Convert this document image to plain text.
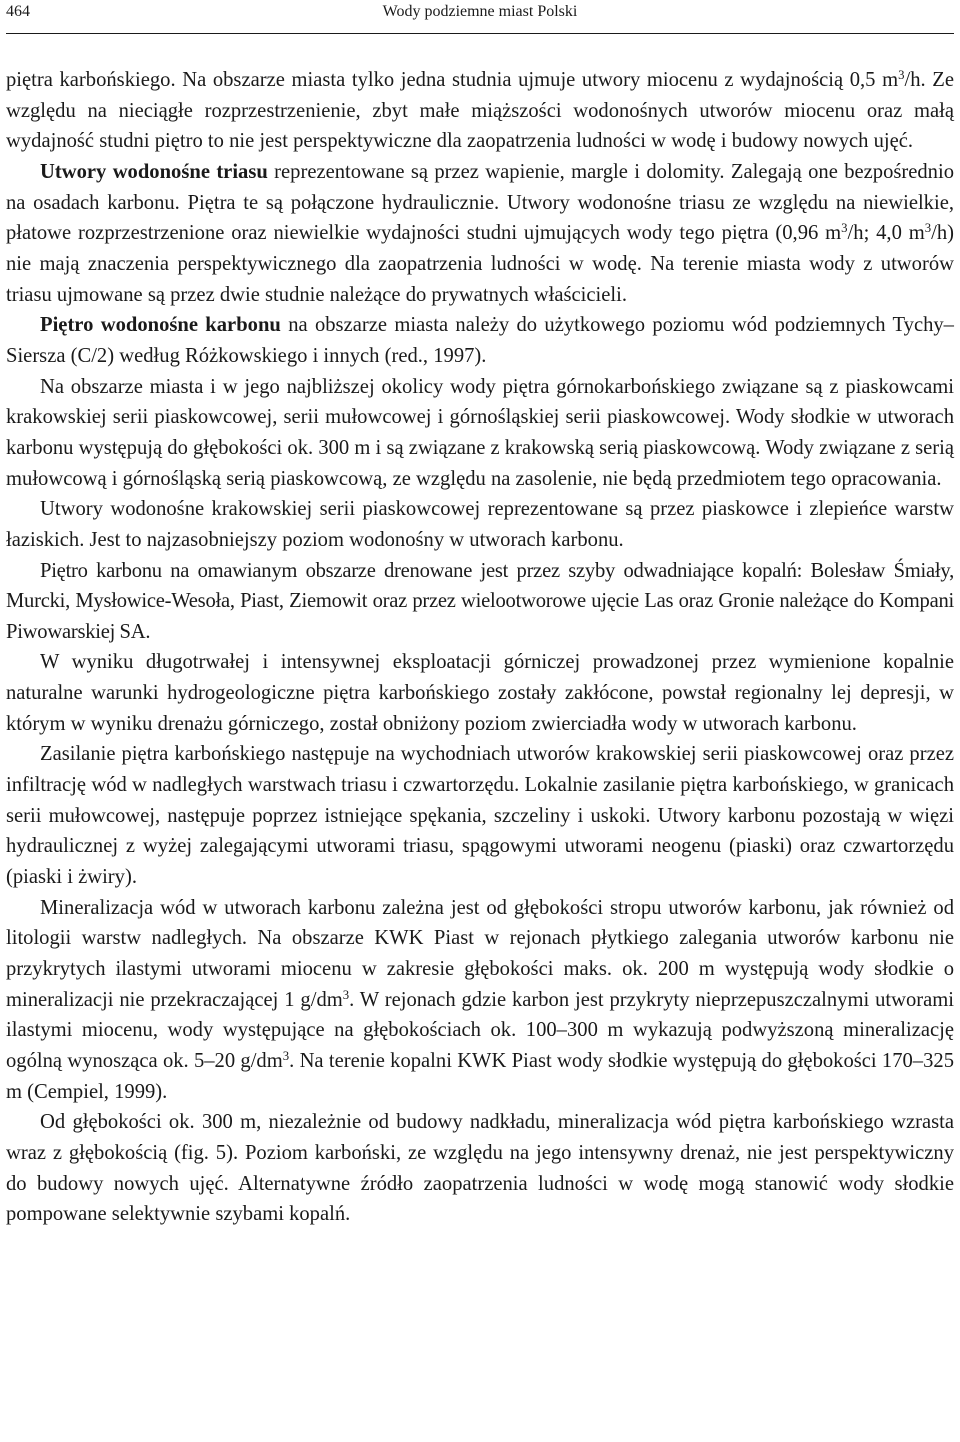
464	Wody podziemne miast Polski

piętra karbońskiego. Na obszarze miasta tylko jedna studnia ujmuje utwory miocenu z wydajnością 0,5 $m^3/h$. Ze względu na nieciągłe rozprzestrzenienie, zbyt małe miąższości wodonośnych utworów miocenu oraz małą wydajność studni piętro to nie jest perspektywiczne dla zaopatrzenia ludności w wodę i budowy nowych ujęć.

Utwory wodonośne triasu reprezentowane są przez wapienie, margle i dolomity. Zalegają one bezpośrednio na osadach karbonu. Piętra te są połączone hydraulicznie. Utwory wodonośne triasu ze względu na niewielkie, płatowe rozprzestrzenione oraz niewielkie wydajności studni ujmujących wody tego piętra (0,96 $m^3/h$; 4,0 $m^3/h$) nie mają znaczenia perspektywicznego dla zaopatrzenia ludności w wodę. Na terenie miasta wody z utworów triasu ujmowane są przez dwie studnie należące do prywatnych właścicieli.

Piętro wodonośne karbonu na obszarze miasta należy do użytkowego poziomu wód podziemnych Tychy–Siersza (C/2) według Różkowskiego i innych (red., 1997).

Na obszarze miasta i w jego najbliższej okolicy wody piętra górnokarbońskiego związane są z piaskowcami krakowskiej serii piaskowcowej, serii mułowcowej i górnośląskiej serii piaskowcowej. Wody słodkie w utworach karbonu występują do głębokości ok. 300 m i są związane z krakowską serią piaskowcową. Wody związane z serią mułowcową i górnośląską serią piaskowcową, ze względu na zasolenie, nie będą przedmiotem tego opracowania.

Utwory wodonośne krakowskiej serii piaskowcowej reprezentowane są przez piaskowce i zlepieńce warstw łaziskich. Jest to najzasobniejszy poziom wodonośny w utworach karbonu.

Piętro karbonu na omawianym obszarze drenowane jest przez szyby odwadniające kopalń: Bolesław Śmiały, Murcki, Mysłowice-Wesoła, Piast, Ziemowit oraz przez wielootworowe ujęcie Las oraz Gronie należące do Kompani Piwowarskiej SA.

W wyniku długotrwałej i intensywnej eksploatacji górniczej prowadzonej przez wymienione kopalnie naturalne warunki hydrogeologiczne piętra karbońskiego zostały zakłócone, powstał regionalny lej depresji, w którym w wyniku drenażu górniczego, został obniżony poziom zwierciadła wody w utworach karbonu.

Zasilanie piętra karbońskiego następuje na wychodniach utworów krakowskiej serii piaskowcowej oraz przez infiltrację wód w nadległych warstwach triasu i czwartorzędu. Lokalnie zasilanie piętra karbońskiego, w granicach serii mułowcowej, następuje poprzez istniejące spękania, szczeliny i uskoki. Utwory karbonu pozostają w więzi hydraulicznej z wyżej zalegającymi utworami triasu, spągowymi utworami neogenu (piaski) oraz czwartorzędu (piaski i żwiry).

Mineralizacja wód w utworach karbonu zależna jest od głębokości stropu utworów karbonu, jak również od litologii warstw nadległych. Na obszarze KWK Piast w rejonach płytkiego zalegania utworów karbonu nie przykrytych ilastymi utworami miocenu w zakresie głębokości maks. ok. 200 m występują wody słodkie o mineralizacji nie przekraczającej 1 $g/dm^3$. W rejonach gdzie karbon jest przykryty nieprzepuszczalnymi utworami ilastymi miocenu, wody występujące na głębokościach ok. 100–300 m wykazują podwyższoną mineralizację ogólną wynosząca ok. 5–20 $g/dm^3$. Na terenie kopalni KWK Piast wody słodkie występują do głębokości 170–325 m (Cempiel, 1999).

Od głębokości ok. 300 m, niezależnie od budowy nadkładu, mineralizacja wód piętra karbońskiego wzrasta wraz z głębokością (fig. 5). Poziom karboński, ze względu na jego intensywny drenaż, nie jest perspektywiczny do budowy nowych ujęć. Alternatywne źródło zaopatrzenia ludności w wodę mogą stanowić wody słodkie pompowane selektywnie szybami kopalń.
